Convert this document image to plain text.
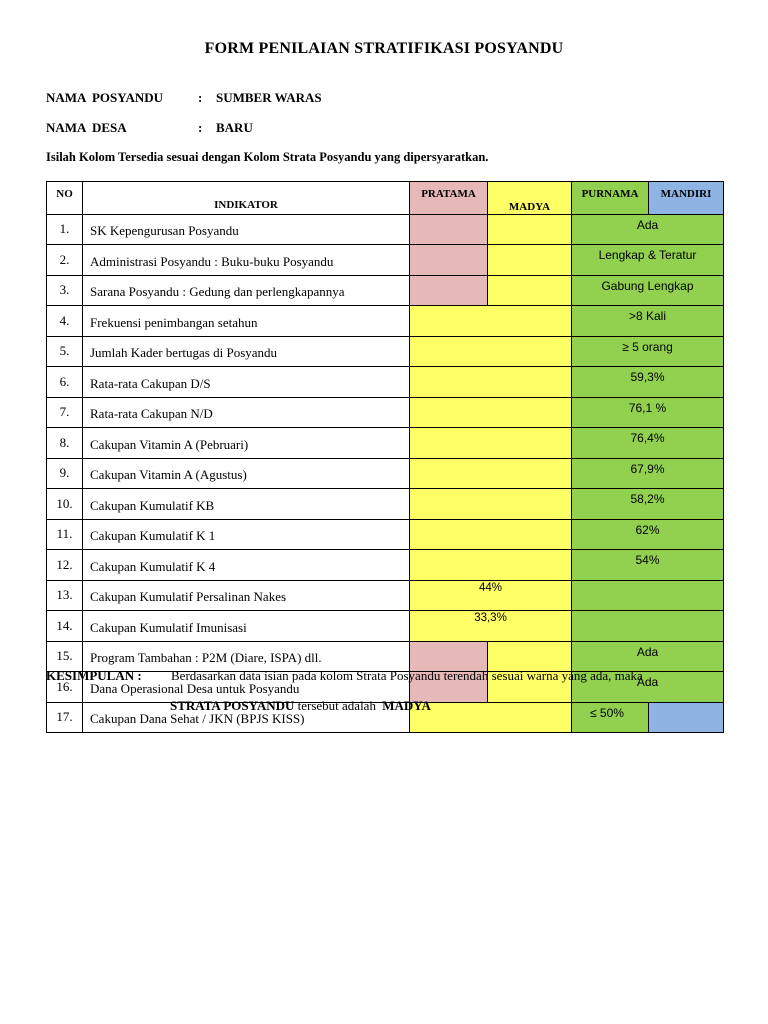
FORM PENILAIAN STRATIFIKASI POSYANDU
NAMA POSYANDU	: SUMBER WARAS
NAMA DESA	: BARU
Isilah Kolom Tersedia sesuai dengan Kolom Strata Posyandu yang dipersyaratkan.
NO	INDIKATOR	PRATAMA	MADYA	PURNAMA	MANDIRI
1.	SK Kepengurusan Posyandu			Ada	
2.	Administrasi Posyandu : Buku-buku Posyandu			Lengkap & Teratur	
3.	Sarana Posyandu : Gedung dan perlengkapannya			Gabung Lengkap	
4.	Frekuensi penimbangan setahun			>8 Kali	
5.	Jumlah Kader bertugas di Posyandu			≥ 5 orang	
6.	Rata-rata Cakupan D/S			59,3%	
7.	Rata-rata Cakupan N/D			76,1 %	
8.	Cakupan Vitamin A (Pebruari)			76,4%	
9.	Cakupan Vitamin A (Agustus)			67,9%	
10.	Cakupan Kumulatif KB			58,2%	
11.	Cakupan Kumulatif K 1			62%	
12.	Cakupan Kumulatif K 4			54%	
13.	Cakupan Kumulatif Persalinan Nakes	44%			
14.	Cakupan Kumulatif Imunisasi	33,3%			
15.	Program Tambahan : P2M (Diare, ISPA) dll.			Ada	
16.	Dana Operasional Desa untuk Posyandu			Ada	
17.	Cakupan Dana Sehat / JKN (BPJS KISS)			≤ 50%	
KESIMPULAN : Berdasarkan data isian pada kolom Strata Posyandu terendah sesuai warna yang ada, maka
STRATA POSYANDU tersebut adalah MADYA
